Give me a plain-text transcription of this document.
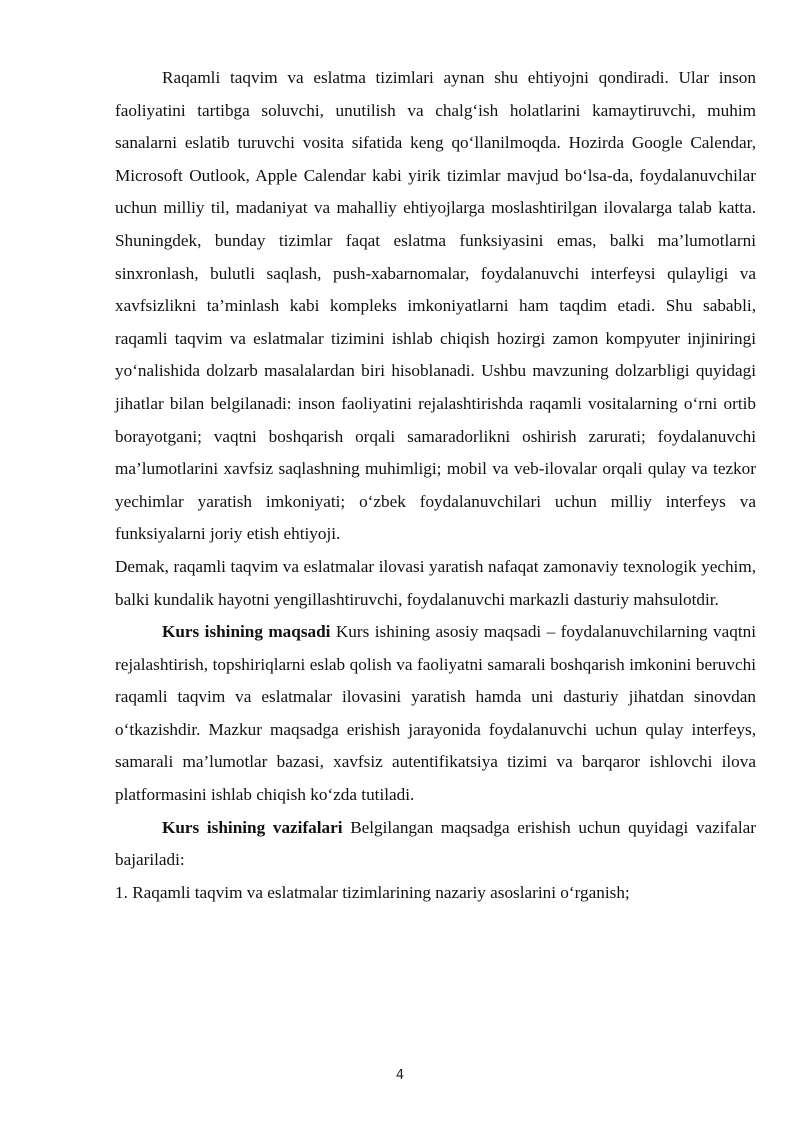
Raqamli taqvim va eslatma tizimlari aynan shu ehtiyojni qondiradi. Ular inson faoliyatini tartibga soluvchi, unutilish va chalg‘ish holatlarini kamaytiruvchi, muhim sanalarni eslatib turuvchi vosita sifatida keng qo‘llanilmoqda. Hozirda Google Calendar, Microsoft Outlook, Apple Calendar kabi yirik tizimlar mavjud bo‘lsa-da, foydalanuvchilar uchun milliy til, madaniyat va mahalliy ehtiyojlarga moslashtirilgan ilovalarga talab katta. Shuningdek, bunday tizimlar faqat eslatma funksiyasini emas, balki ma’lumotlarni sinxronlash, bulutli saqlash, push-xabarnomalar, foydalanuvchi interfeysi qulayligi va xavfsizlikni ta’minlash kabi kompleks imkoniyatlarni ham taqdim etadi. Shu sababli, raqamli taqvim va eslatmalar tizimini ishlab chiqish hozirgi zamon kompyuter injiniringi yo‘nalishida dolzarb masalalardan biri hisoblanadi. Ushbu mavzuning dolzarbligi quyidagi jihatlar bilan belgilanadi: inson faoliyatini rejalashtirishda raqamli vositalarning o‘rni ortib borayotgani; vaqtni boshqarish orqali samaradorlikni oshirish zarurati; foydalanuvchi ma’lumotlarini xavfsiz saqlashning muhimligi; mobil va veb-ilovalar orqali qulay va tezkor yechimlar yaratish imkoniyati; o‘zbek foydalanuvchilari uchun milliy interfeys va funksiyalarni joriy etish ehtiyoji.

Demak, raqamli taqvim va eslatmalar ilovasi yaratish nafaqat zamonaviy texnologik yechim, balki kundalik hayotni yengillashtiruvchi, foydalanuvchi markazli dasturiy mahsulotdir.

Kurs ishining maqsadi Kurs ishining asosiy maqsadi – foydalanuvchilarning vaqtni rejalashtirish, topshiriqlarni eslab qolish va faoliyatni samarali boshqarish imkonini beruvchi raqamli taqvim va eslatmalar ilovasini yaratish hamda uni dasturiy jihatdan sinovdan o‘tkazishdir. Mazkur maqsadga erishish jarayonida foydalanuvchi uchun qulay interfeys, samarali ma’lumotlar bazasi, xavfsiz autentifikatsiya tizimi va barqaror ishlovchi ilova platformasini ishlab chiqish ko‘zda tutiladi.

Kurs ishining vazifalari Belgilangan maqsadga erishish uchun quyidagi vazifalar bajariladi:

1. Raqamli taqvim va eslatmalar tizimlarining nazariy asoslarini o‘rganish;

4
